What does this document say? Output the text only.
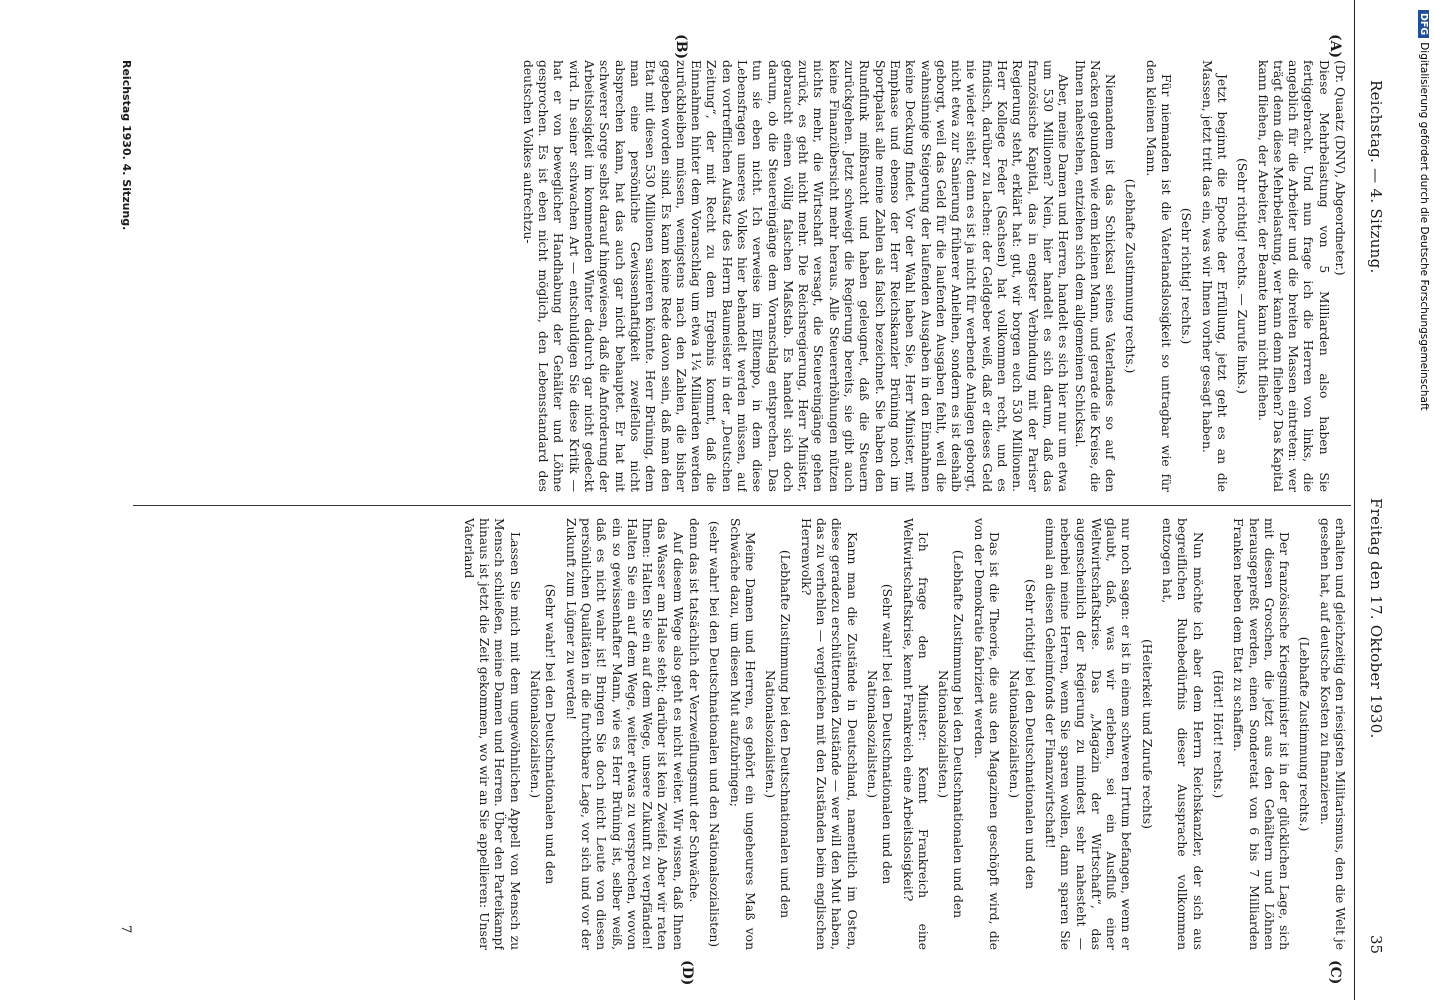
Reichstag. — 4. Sitzung.
Freitag den 17. Oktober 1930.
35
(A)
(B)
(C)
(D)

(Dr. Quaatz (DNV), Abgeordneter.)

Diese Mehrbelastung von 5 Milliarden also haben Sie fertiggebracht. Und nun frage ich die Herren von links, die angeblich für die Arbeiter und die breiten Massen eintreten: wer trägt denn diese Mehrbelastung, wer kann denn fliehen? Das Kapital kann fliehen, der Arbeiter, der Beamte kann nicht fliehen.

(Sehr richtig! rechts. — Zurufe links.)

Jetzt beginnt die Epoche der Erfüllung, jetzt geht es an die Massen, jetzt tritt das ein, was wir Ihnen vorher gesagt haben.

(Sehr richtig! rechts.)

Für niemanden ist die Vaterlandslosigkeit so untragbar wie für den kleinen Mann.

(Lebhafte Zustimmung rechts.)

Niemandem ist das Schicksal seines Vaterlandes so auf den Nacken gebunden wie dem kleinen Mann, und gerade die Kreise, die Ihnen nahestehen, entziehen sich dem allgemeinen Schicksal.

Aber, meine Damen und Herren, handelt es sich hier nur um etwa um 530 Millionen? Nein, hier handelt es sich darum, daß das französische Kapital, das in engster Verbindung mit der Pariser Regierung steht, erklärt hat: gut, wir borgen euch 530 Millionen. Herr Kollege Feder (Sachsen) hat vollkommen recht, und es findisch, darüber zu lachen: der Geldgeber weiß, daß er dieses Geld nie wieder sieht; denn es ist ja nicht für werbende Anlagen geborgt, nicht etwa zur Sanierung früherer Anleihen, sondern es ist deshalb geborgt, weil das Geld für die laufenden Ausgaben fehlt, weil die wahnsinnige Steigerung der laufenden Ausgaben in den Einnahmen keine Deckung findet. Vor der Wahl haben Sie, Herr Minister, mit Emphase und ebenso der Herr Reichskanzler Brüning noch im Sportpalast alle meine Zahlen als falsch bezeichnet. Sie haben den Rundfunk mißbraucht und haben geleugnet, daß die Steuern zurückgehen. Jetzt schweigt die Regierung bereits, sie gibt auch keine Finanzübersicht mehr heraus. Alle Steuererhöhungen nützen nichts mehr, die Wirtschaft versagt, die Steuereingänge gehen zurück, es geht nicht mehr. Die Reichsregierung, Herr Minister, gebraucht einen völlig falschen Maßstab. Es handelt sich doch darum, ob die Steuereingänge dem Voranschlag entsprechen. Das tun sie eben nicht. Ich verweise im Eiltempo, in dem diese Lebensfragen unseres Volkes hier behandelt werden müssen, auf den vortrefflichen Aufsatz des Herrn Baumeister in der „Deutschen Zeitung“, der mit Recht zu dem Ergebnis kommt, daß die Einnahmen hinter dem Voranschlag um etwa 1¼ Milliarden werden zurückbleiben müssen, wenigstens nach den Zahlen, die bisher gegeben worden sind. Es kann keine Rede davon sein, daß man den Etat mit diesen 530 Millionen sanieren könnte. Herr Brüning, dem man eine persönliche Gewissenhaftigkeit zweifellos nicht absprechen kann, hat das auch gar nicht behauptet. Er hat mit schwerer Sorge selbst darauf hingewiesen, daß die Anforderung der Arbeitslosigkeit im kommenden Winter dadurch gar nicht gedeckt wird. In seiner schwachen Art — entschuldigen Sie diese Kritik — hat er von beweglicher Handhabung der Gehälter und Löhne gesprochen. Es ist eben nicht möglich, den Lebensstandard des deutschen Volkes aufrechtzu-

erhalten und gleichzeitig den riesigsten Militarismus, den die Welt je gesehen hat, auf deutsche Kosten zu finanzieren.

(Lebhafte Zustimmung rechts.)

Der französische Kriegsminister ist in der glücklichen Lage, sich mit diesen Groschen, die jetzt aus den Gehältern und Löhnen herausgepreßt werden, einen Sonderetat von 6 bis 7 Milliarden Franken neben dem Etat zu schaffen.

(Hört! Hört! rechts.)

Nun möchte ich aber dem Herrn Reichskanzler, der sich aus begreiflichen Ruhebedürfnis dieser Aussprache vollkommen entzogen hat,

(Heiterkeit und Zurufe rechts)

nur noch sagen: er ist in einem schweren Irrtum befangen, wenn er glaubt, daß, was wir erleben, sei ein Ausfluß einer Weltwirtschaftskrise. Das „Magazin der Wirtschaft“, das augenscheinlich der Regierung zu mindest sehr nahesteht — nebenbei meine Herren, wenn Sie sparen wollen, dann sparen Sie einmal an diesen Geheimfonds der Finanzwirtschaft!

(Sehr richtig! bei den Deutschnationalen und den Nationalsozialisten.)

Das ist die Theorie, die aus den Magazinen geschöpft wird, die von der Demokratie fabriziert werden.

(Lebhafte Zustimmung bei den Deutschnationalen und den Nationalsozialisten.)

Ich frage den Minister: Kennt Frankreich eine Weltwirtschaftskrise, kennt Frankreich eine Arbeitslosigkeit?

(Sehr wahr! bei den Deutschnationalen und den Nationalsozialisten.)

Kann man die Zustände in Deutschland, namentlich im Osten, diese geradezu erschütternden Zustände — wer will den Mut haben, das zu verhehlen — vergleichen mit den Zuständen beim englischen Herrenvolk?

(Lebhafte Zustimmung bei den Deutschnationalen und den Nationalsozialisten.)

Meine Damen und Herren, es gehört ein ungeheures Maß von Schwäche dazu, um diesen Mut aufzubringen;

(sehr wahr! bei den Deutschnationalen und den Nationalsozialisten)

denn das ist tatsächlich der Verzweiflungsmut der Schwäche.

Auf diesem Wege also geht es nicht weiter. Wir wissen, daß Ihnen das Wasser am Halse steht; darüber ist kein Zweifel. Aber wir raten Ihnen: Halten Sie ein auf dem Wege, unsere Zukunft zu verpfänden! Halten Sie ein auf dem Wege, weiter etwas zu versprechen, wovon ein so gewissenhafter Mann, wie es Herr Brüning ist, selber weiß, daß es nicht wahr ist! Bringen Sie doch nicht Leute von diesen persönlichen Qualitäten in die furchtbare Lage, vor sich und vor der Zukunft zum Lügner zu werden!

(Sehr wahr! bei den Deutschnationalen und den Nationalsozialisten.)

Lassen Sie mich mit dem ungewöhnlichen Appell von Mensch zu Mensch schließen, meine Damen und Herren. Über den Parteikampf hinaus ist jetzt die Zeit gekommen, wo wir an Sie appellieren: Unser Vaterland

Reichstag 1930. 4. Sitzung.
7
DFGDigitalisierung gefördert durch die Deutsche Forschungsgemeinschaft
